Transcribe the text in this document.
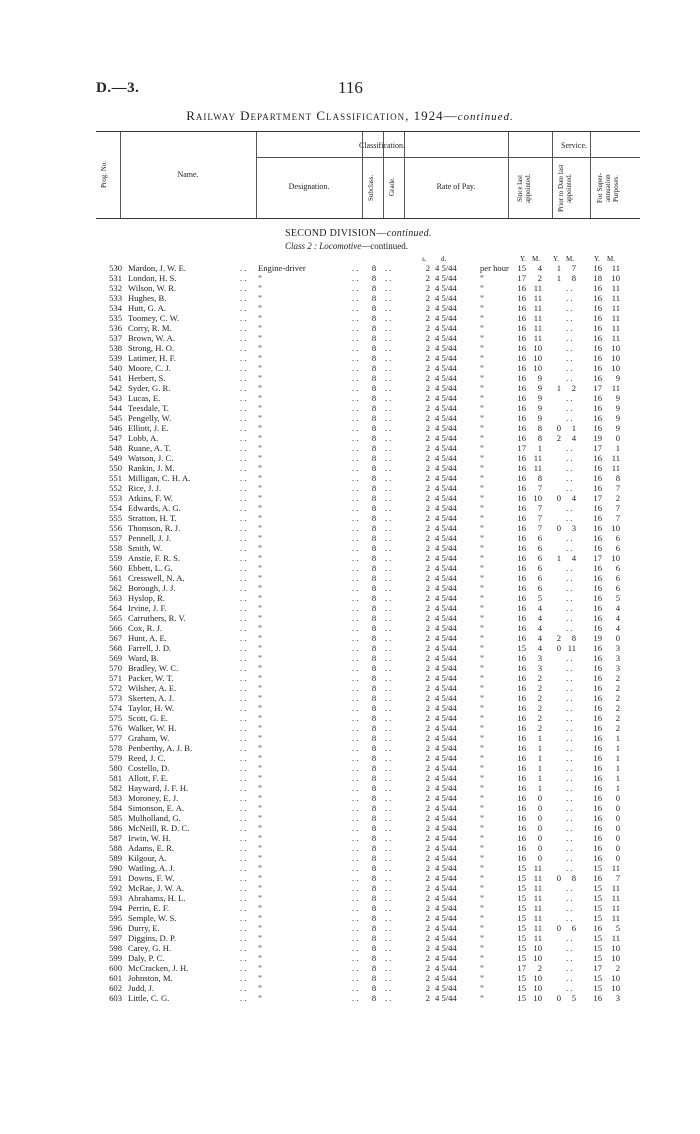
D.—3.	116
Railway Department Classification, 1924—continued.
Prog. No.	Name.
Classification.	Service.
Designation.	Subclass.	Grade.	Rate of Pay.	Since last appointed.	Prior to Date last appointed.	For Super-annuation Purposes.
SECOND DIVISION—continued.
Class 2 : Locomotive—continued.
s. d.	Y. M. Y. M.	Y. M.
530 Mardon, J. W. E.	. . Engine-driver	. .	8	. .	2 4 5/44	per hour 15	4	1	7	16	11
531 London, H. S.	. . ”	. .	8	. .	2 4 5/44	”	17	2	1	8	18	10
532 Wilson, W. R.	. . ”	. .	8	. .	2 4 5/44	”	16 11	. .	16	11
533 Hughes, B.	. . ”	. .	8	. .	2 4 5/44	”	16 11	. .	16	11
534 Hutt, G. A.	. . ”	. .	8	. .	2 4 5/44	”	16 11	. .	16	11
535 Toomey, C. W.	. . ”	. .	8	. .	2 4 5/44	”	16 11	. .	16	11
536 Corry, R. M.	. . ”	. .	8	. .	2 4 5/44	”	16 11	. .	16	11
537 Brown, W. A.	. . ”	. .	8	. .	2 4 5/44	”	16 11	. .	16	11
538 Strong, H. O.	. . ”	. .	8	. .	2 4 5/44	”	16 10	. .	16	10
539 Latimer, H. F.	. . ”	. .	8	. .	2 4 5/44	”	16 10	. .	16	10
540 Moore, C. J.	. . ”	. .	8	. .	2 4 5/44	”	16 10	. .	16	10
541 Herbert, S.	. . ”	. .	8	. .	2 4 5/44	”	16	9	. .	16	9
542 Syder, G. R.	. . ”	. .	8	. .	2 4 5/44	”	16	9	1	2	17	11
543 Lucas, E.	. . ”	. .	8	. .	2 4 5/44	”	16	9	. .	16	9
544 Teesdale, T.	. . ”	. .	8	. .	2 4 5/44	”	16	9	. .	16	9
545 Pengelly, W.	. . ”	. .	8	. .	2 4 5/44	”	16	9	. .	16	9
546 Elliott, J. E.	. . ”	. .	8	. .	2 4 5/44	”	16	8	0	1	16	9
547 Lobb, A.	. . ”	. .	8	. .	2 4 5/44	”	16	8	2	4	19	0
548 Ruane, A. T.	. . ”	. .	8	. .	2 4 5/44	”	17	1	. .	17	1
549 Watson, J. C.	. . ”	. .	8	. .	2 4 5/44	”	16 11	. .	16	11
550 Rankin, J. M.	. . ”	. .	8	. .	2 4 5/44	”	16 11	. .	16	11
551 Milligan, C. H. A.	. . ”	. .	8	. .	2 4 5/44	”	16	8	. .	16	8
552 Rice, J. J.	. . ”	. .	8	. .	2 4 5/44	”	16	7	. .	16	7
553 Atkins, F. W.	. . ”	. .	8	. .	2 4 5/44	”	16 10	0	4	17	2
554 Edwards, A. G.	. . ”	. .	8	. .	2 4 5/44	”	16	7	. .	16	7
555 Stratton, H. T.	. . ”	. .	8	. .	2 4 5/44	”	16	7	. .	16	7
556 Thomson, R. J.	. . ”	. .	8	. .	2 4 5/44	”	16	7	0	3	16	10
557 Pennell, J. J.	. . ”	. .	8	. .	2 4 5/44	”	16	6	. .	16	6
558 Smith, W.	. . ”	. .	8	. .	2 4 5/44	”	16	6	. .	16	6
559 Anstie, F. R. S.	. . ”	. .	8	. .	2 4 5/44	”	16	6	1	4	17	10
560 Ebbett, L. G.	. . ”	. .	8	. .	2 4 5/44	”	16	6	. .	16	6
561 Cresswell, N. A.	. . ”	. .	8	. .	2 4 5/44	”	16	6	. .	16	6
562 Borough, J. J.	. . ”	. .	8	. .	2 4 5/44	”	16	6	. .	16	6
563 Hyslop, R.	. . ”	. .	8	. .	2 4 5/44	”	16	5	. .	16	5
564 Irvine, J. F.	. . ”	. .	8	. .	2 4 5/44	”	16	4	. .	16	4
565 Carruthers, R. V.	. . ”	. .	8	. .	2 4 5/44	”	16	4	. .	16	4
566 Cox, R. J.	. . ”	. .	8	. .	2 4 5/44	”	16	4	. .	16	4
567 Hunt, A. E.	. . ”	. .	8	. .	2 4 5/44	”	16	4	2	8	19	0
568 Farrell, J. D.	. . ”	. .	8	. .	2 4 5/44	”	15	4	0 11	16	3
569 Ward, B.	. . ”	. .	8	. .	2 4 5/44	”	16	3	. .	16	3
570 Bradley, W. C.	. . ”	. .	8	. .	2 4 5/44	”	16	3	. .	16	3
571 Packer, W. T.	. . ”	. .	8	. .	2 4 5/44	”	16	2	. .	16	2
572 Wilsher, A. E.	. . ”	. .	8	. .	2 4 5/44	”	16	2	. .	16	2
573 Skerten, A. J.	. . ”	. .	8	. .	2 4 5/44	”	16	2	. .	16	2
574 Taylor, H. W.	. . ”	. .	8	. .	2 4 5/44	”	16	2	. .	16	2
575 Scott, G. E.	. . ”	. .	8	. .	2 4 5/44	”	16	2	. .	16	2
576 Walker, W. H.	. . ”	. .	8	. .	2 4 5/44	”	16	2	. .	16	2
577 Graham, W.	. . ”	. .	8	. .	2 4 5/44	”	16	1	. .	16	1
578 Penberthy, A. J. B.	. . ”	. .	8	. .	2 4 5/44	”	16	1	. .	16	1
579 Reed, J. C.	. . ”	. .	8	. .	2 4 5/44	”	16	1	. .	16	1
580 Costello, D.	. . ”	. .	8	. .	2 4 5/44	”	16	1	. .	16	1
581 Allott, F. E.	. . ”	. .	8	. .	2 4 5/44	”	16	1	. .	16	1
582 Hayward, J. F. H.	. . ”	. .	8	. .	2 4 5/44	”	16	1	. .	16	1
583 Moroney, E. J.	. . ”	. .	8	. .	2 4 5/44	”	16	0	. .	16	0
584 Simonson, E. A.	. . ”	. .	8	. .	2 4 5/44	”	16	0	. .	16	0
585 Mulholland, G.	. . ”	. .	8	. .	2 4 5/44	”	16	0	. .	16	0
586 McNeill, R. D. C.	. . ”	. .	8	. .	2 4 5/44	”	16	0	. .	16	0
587 Irwin, W. H.	. . ”	. .	8	. .	2 4 5/44	”	16	0	. .	16	0
588 Adams, E. R.	. . ”	. .	8	. .	2 4 5/44	”	16	0	. .	16	0
589 Kilgour, A.	. . ”	. .	8	. .	2 4 5/44	”	16	0	. .	16	0
590 Watling, A. J.	. . ”	. .	8	. .	2 4 5/44	”	15 11	. .	15	11
591 Downs, F. W.	. . ”	. .	8	. .	2 4 5/44	”	15 11	0	8	16	7
592 McRae, J. W. A.	. . ”	. .	8	. .	2 4 5/44	”	15 11	. .	15	11
593 Abrahams, H. L.	. . ”	. .	8	. .	2 4 5/44	”	15 11	. .	15	11
594 Perrin, E. F.	. . ”	. .	8	. .	2 4 5/44	”	15 11	. .	15	11
595 Semple, W. S.	. . ”	. .	8	. .	2 4 5/44	”	15 11	. .	15	11
596 Durry, E.	. . ”	. .	8	. .	2 4 5/44	”	15 11	0	6	16	5
597 Diggins, D. P.	. . ”	. .	8	. .	2 4 5/44	”	15 11	. .	15	11
598 Carey, G. H.	. . ”	. .	8	. .	2 4 5/44	”	15 10	. .	15	10
599 Daly, P. C.	. . ”	. .	8	. .	2 4 5/44	”	15 10	. .	15	10
600 McCracken, J. H.	. . ”	. .	8	. .	2 4 5/44	”	17	2	. .	17	2
601 Johnston, M.	. . ”	. .	8	. .	2 4 5/44	”	15 10	. .	15	10
602 Judd, J.	. . ”	. .	8	. .	2 4 5/44	”	15 10	. .	15	10
603 Little, C. G.	. . ”	. .	8	. .	2 4 5/44	”	15 10	0	5	16	3
